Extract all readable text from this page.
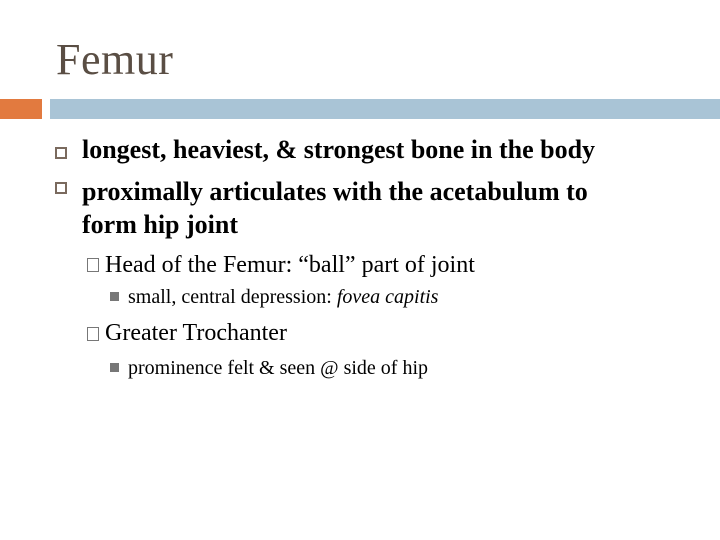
Femur
longest, heaviest, & strongest bone in the body
proximally articulates with the acetabulum to
form hip joint
Head of the Femur: “ball” part of joint
small, central depression: fovea capitis
Greater Trochanter
prominence felt & seen @ side of hip
